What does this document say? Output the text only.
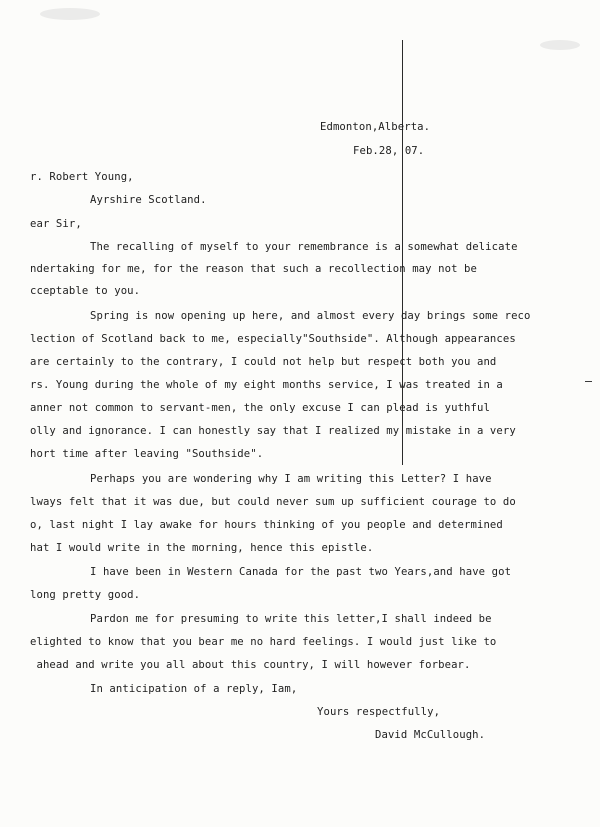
Edmonton,Alberta.
Feb.28, 07.
r. Robert Young,
Ayrshire Scotland.
ear Sir,
The recalling of myself to your remembrance is a somewhat delicate
ndertaking for me, for the reason that such a recollection may not be
cceptable to you.
Spring is now opening up here, and almost every day brings some reco
lection of Scotland back to me, especially"Southside". Although appearances
are certainly to the contrary, I could not help but respect both you and
rs. Young during the whole of my eight months service, I was treated in a
anner not common to servant-men, the only excuse I can plead is yuthful
olly and ignorance. I can honestly say that I realized my mistake in a very
hort time after leaving "Southside".
Perhaps you are wondering why I am writing this Letter? I have
lways felt that it was due, but could never sum up sufficient courage to do
o, last night I lay awake for hours thinking of you people and determined
hat I would write in the morning, hence this epistle.
I have been in Western Canada for the past two Years,and have got
long pretty good.
Pardon me for presuming to write this letter,I shall indeed be
elighted to know that you bear me no hard feelings. I would just like to
ahead and write you all about this country, I will however forbear.
In anticipation of a reply, Iam,
Yours respectfully,
David McCullough.
